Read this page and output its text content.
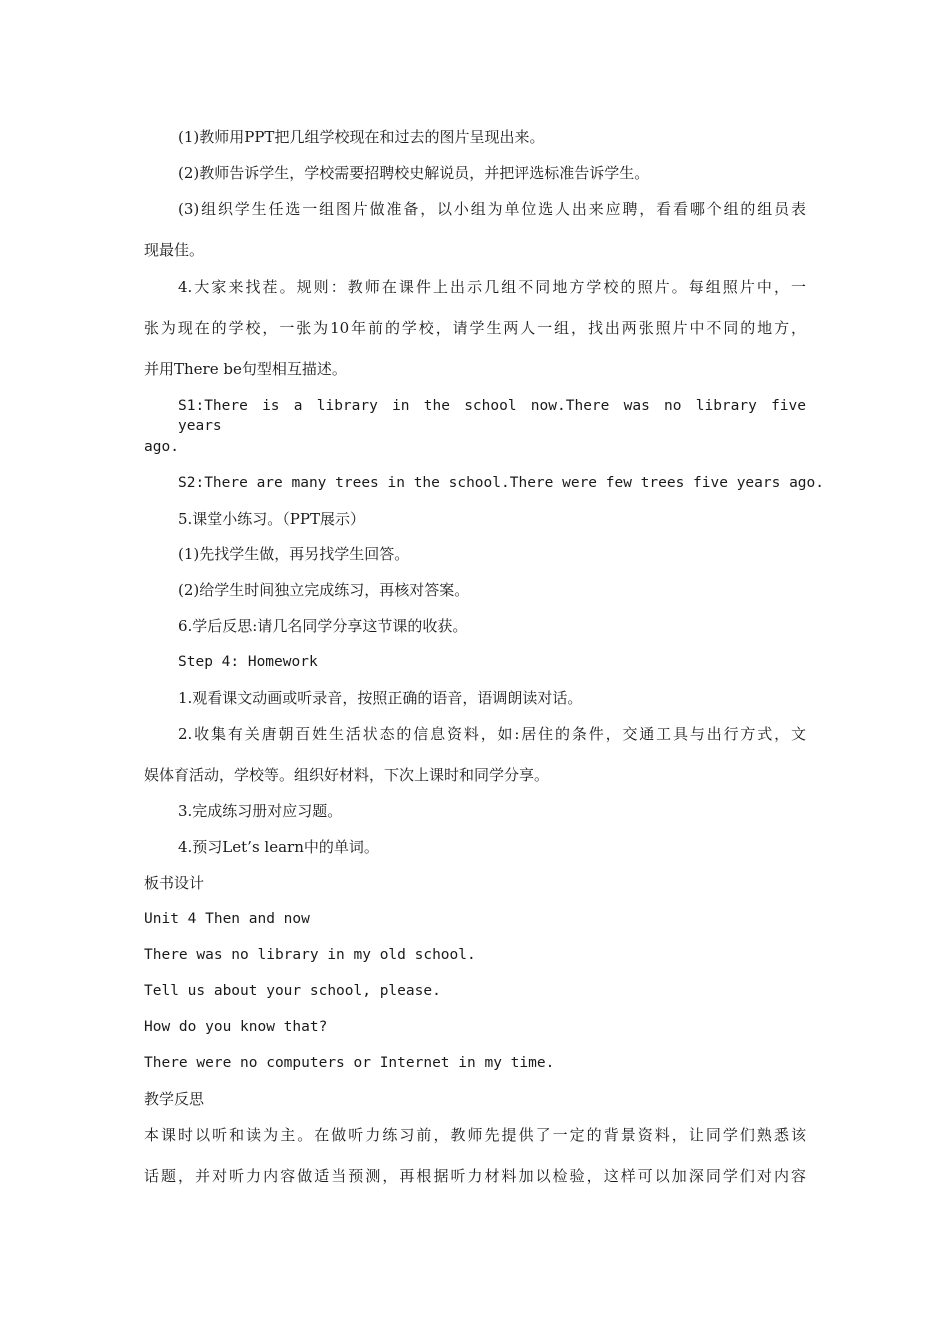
(1)教师用PPT把几组学校现在和过去的图片呈现出来。
(2)教师告诉学生，学校需要招聘校史解说员，并把评选标准告诉学生。
(3)组织学生任选一组图片做准备，以小组为单位选人出来应聘，看看哪个组的组员表
现最佳。
4.大家来找茬。规则：教师在课件上出示几组不同地方学校的照片。每组照片中，一
张为现在的学校，一张为10年前的学校，请学生两人一组，找出两张照片中不同的地方，
并用There be句型相互描述。
S1:There is a library in the school now.There was no library five years
ago.
S2:There are many trees in the school.There were few trees five years ago.
5.课堂小练习。（PPT展示）
(1)先找学生做，再另找学生回答。
(2)给学生时间独立完成练习，再核对答案。
6.学后反思:请几名同学分享这节课的收获。
Step 4: Homework
1.观看课文动画或听录音，按照正确的语音，语调朗读对话。
2.收集有关唐朝百姓生活状态的信息资料，如:居住的条件，交通工具与出行方式，文
娱体育活动，学校等。组织好材料，下次上课时和同学分享。
3.完成练习册对应习题。
4.预习Let’s learn中的单词。
板书设计
Unit 4 Then and now
There was no library in my old school.
Tell us about your school, please.
How do you know that?
There were no computers or Internet in my time.
教学反思
本课时以听和读为主。在做听力练习前，教师先提供了一定的背景资料，让同学们熟悉该
话题，并对听力内容做适当预测，再根据听力材料加以检验，这样可以加深同学们对内容
